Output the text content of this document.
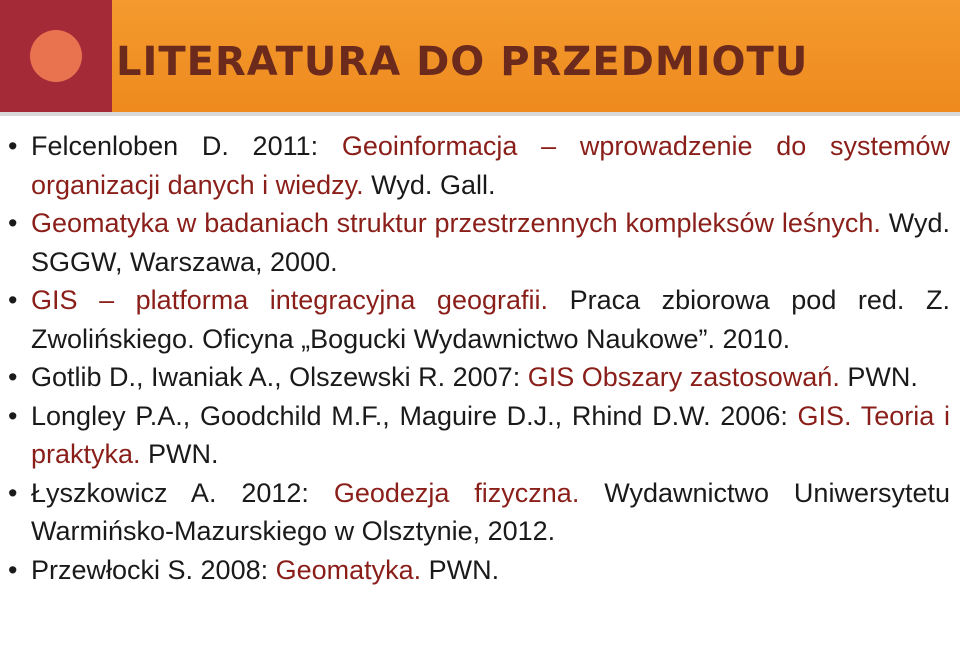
LITERATURA DO PRZEDMIOTU
• Felcenloben D. 2011: Geoinformacja – wprowadzenie do systemów organizacji danych i wiedzy. Wyd. Gall.
• Geomatyka w badaniach struktur przestrzennych kompleksów leśnych. Wyd. SGGW, Warszawa, 2000.
• GIS – platforma integracyjna geografii. Praca zbiorowa pod red. Z. Zwolińskiego. Oficyna „Bogucki Wydawnictwo Naukowe”. 2010.
• Gotlib D., Iwaniak A., Olszewski R. 2007: GIS Obszary zastosowań. PWN.
• Longley P.A., Goodchild M.F., Maguire D.J., Rhind D.W. 2006: GIS. Teoria i praktyka. PWN.
• Łyszkowicz A. 2012: Geodezja fizyczna. Wydawnictwo Uniwersytetu Warmińsko-Mazurskiego w Olsztynie, 2012.
• Przewłocki S. 2008: Geomatyka. PWN.
